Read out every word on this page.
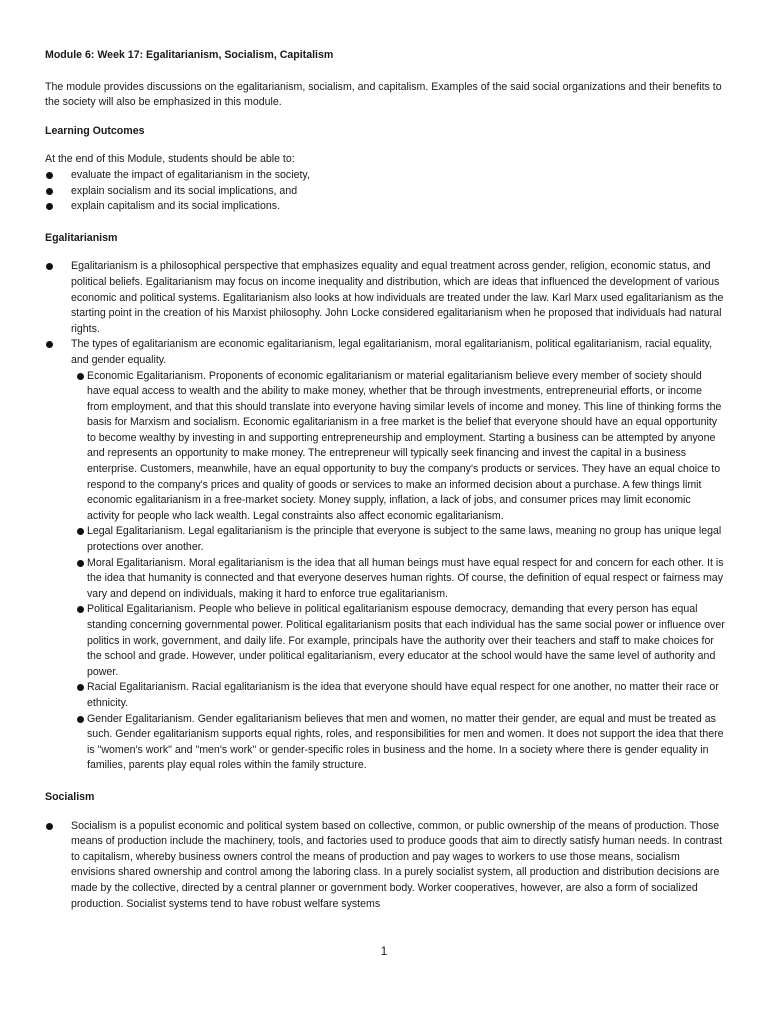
Module 6: Week 17: Egalitarianism, Socialism, Capitalism
The module provides discussions on the egalitarianism, socialism, and capitalism. Examples of the said social organizations and their benefits to the society will also be emphasized in this module.
Learning Outcomes
At the end of this Module, students should be able to:
evaluate the impact of egalitarianism in the society,
explain socialism and its social implications, and
explain capitalism and its social implications.
Egalitarianism
Egalitarianism is a philosophical perspective that emphasizes equality and equal treatment across gender, religion, economic status, and political beliefs. Egalitarianism may focus on income inequality and distribution, which are ideas that influenced the development of various economic and political systems. Egalitarianism also looks at how individuals are treated under the law. Karl Marx used egalitarianism as the starting point in the creation of his Marxist philosophy. John Locke considered egalitarianism when he proposed that individuals had natural rights.
The types of egalitarianism are economic egalitarianism, legal egalitarianism, moral egalitarianism, political egalitarianism, racial equality, and gender equality.
Economic Egalitarianism. Proponents of economic egalitarianism or material egalitarianism believe every member of society should have equal access to wealth and the ability to make money, whether that be through investments, entrepreneurial efforts, or income from employment, and that this should translate into everyone having similar levels of income and money. This line of thinking forms the basis for Marxism and socialism. Economic egalitarianism in a free market is the belief that everyone should have an equal opportunity to become wealthy by investing in and supporting entrepreneurship and employment. Starting a business can be attempted by anyone and represents an opportunity to make money. The entrepreneur will typically seek financing and invest the capital in a business enterprise. Customers, meanwhile, have an equal opportunity to buy the company's products or services. They have an equal choice to respond to the company's prices and quality of goods or services to make an informed decision about a purchase. A few things limit economic egalitarianism in a free-market society. Money supply, inflation, a lack of jobs, and consumer prices may limit economic activity for people who lack wealth. Legal constraints also affect economic egalitarianism.
Legal Egalitarianism. Legal egalitarianism is the principle that everyone is subject to the same laws, meaning no group has unique legal protections over another.
Moral Egalitarianism. Moral egalitarianism is the idea that all human beings must have equal respect for and concern for each other. It is the idea that humanity is connected and that everyone deserves human rights. Of course, the definition of equal respect or fairness may vary and depend on individuals, making it hard to enforce true egalitarianism.
Political Egalitarianism. People who believe in political egalitarianism espouse democracy, demanding that every person has equal standing concerning governmental power. Political egalitarianism posits that each individual has the same social power or influence over politics in work, government, and daily life. For example, principals have the authority over their teachers and staff to make choices for the school and grade. However, under political egalitarianism, every educator at the school would have the same level of authority and power.
Racial Egalitarianism. Racial egalitarianism is the idea that everyone should have equal respect for one another, no matter their race or ethnicity.
Gender Egalitarianism. Gender egalitarianism believes that men and women, no matter their gender, are equal and must be treated as such. Gender egalitarianism supports equal rights, roles, and responsibilities for men and women. It does not support the idea that there is "women's work" and "men's work" or gender-specific roles in business and the home. In a society where there is gender equality in families, parents play equal roles within the family structure.
Socialism
Socialism is a populist economic and political system based on collective, common, or public ownership of the means of production. Those means of production include the machinery, tools, and factories used to produce goods that aim to directly satisfy human needs. In contrast to capitalism, whereby business owners control the means of production and pay wages to workers to use those means, socialism envisions shared ownership and control among the laboring class. In a purely socialist system, all production and distribution decisions are made by the collective, directed by a central planner or government body. Worker cooperatives, however, are also a form of socialized production. Socialist systems tend to have robust welfare systems
1
